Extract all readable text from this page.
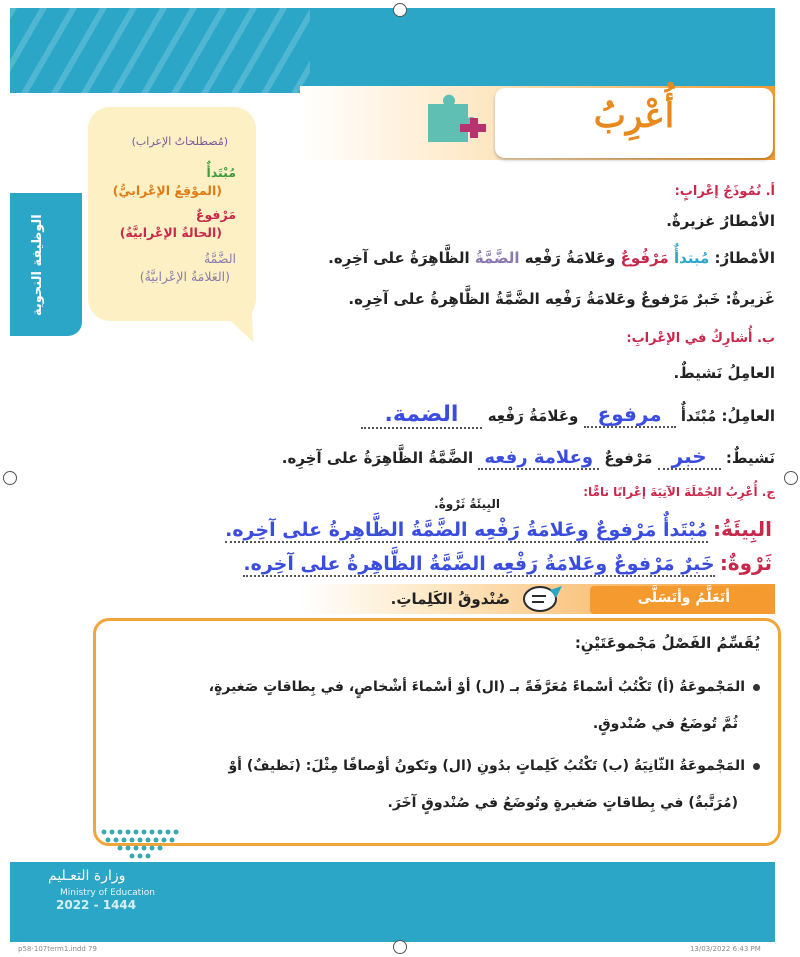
الوظيفة النحوية
(مُصطلحاتُ الإعراب)
مُبْتَدأٌ
(الموْقِعُ الإعْرابيُّ)
مَرْفوعٌ
(الحالةُ الإعْرابيَّةُ)
الضَّمَّةُ
(العَلامَةُ الإعْرابيَّةُ)
أُعْرِبُ
أ. نُمُوذَجُ إعْرابٍ:
الأمْطارُ غزيرةٌ.
الأمْطارُ: مُبتدأٌ مَرْفُوعٌ وعَلامَةُ رَفْعِه الضَّمَّةُ الظَّاهِرَةُ على آخِرِه.
غَزيرةٌ: خَبرٌ مَرْفوعٌ وعَلامَةُ رَفْعِه الضَّمَّةُ الظَّاهِرةُ على آخِرِه.
ب. أُشارِكُ في الإعْرابِ:
العامِلُ نَشيطٌ.
العامِلُ: مُبْتَدأٌ مرفوع وعَلامَةُ رَفْعِه الضمة.
نَشيطٌ: خبر مَرْفوعٌ وعلامة رفعه الضَّمَّةُ الظَّاهِرَةُ على آخِرِه.
ج. أُعْرِبُ الجُمْلَةَ الآتِيَةَ إعْرابًا تامًّا:
البِيئَةُ ثَرْوةٌ.
البِيئَةُ: مُبْتَدأٌ مَرْفوعٌ وعَلامَةُ رَفْعِه الضَّمَّةُ الظَّاهِرةُ على آخِره.
ثَرْوةٌ: خَبرٌ مَرْفوعٌ وعَلامَةُ رَفْعِه الضَّمَّةُ الظَّاهِرةُ على آخِره.
أتَعَلَّمُ وأتَسَلَّى
صُنْدوقُ الكَلِماتِ.
يُقَسِّمُ الفَصْلُ مَجْموعَتَيْنِ:
المَجْموعَةُ (أ) تَكْتُبُ أسْماءً مُعَرَّفَةً بـ (ال) أوْ أسْماءَ أشْخاصٍ، في بِطاقاتٍ صَغيرةٍ،
ثُمَّ تُوضَعُ في صُنْدوقٍ.
المَجْموعَةُ الثّانِيَةُ (ب) تَكْتُبُ كَلِماتٍ بدُونِ (ال) وتَكونُ أوْصافًا مِثْلَ: (نَظيفٌ) أوْ
(مُرَتَّبةٌ) في بِطاقاتٍ صَغيرةٍ وتُوضَعُ في صُنْدوقٍ آخَرَ.
وزارة التعـليم
Ministry of Education
2022 - 1444
p58-107term1.indd 79	13/03/2022 6:43 PM
